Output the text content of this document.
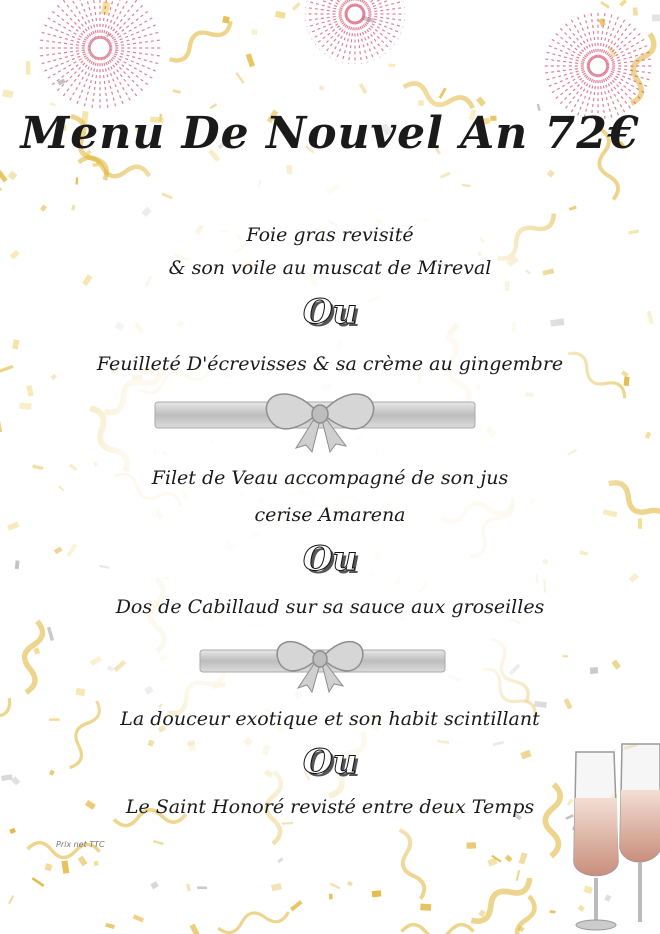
Menu De Nouvel An 72€
Foie gras revisité
& son voile au muscat de Mireval
Ou
Feuilleté D'écrevisses & sa crème au gingembre
Filet de Veau accompagné de son jus
cerise Amarena
Ou
Dos de Cabillaud sur sa sauce aux groseilles
La douceur exotique et son habit scintillant
Ou
Le Saint Honoré revisté entre deux Temps
Prix net TTC
